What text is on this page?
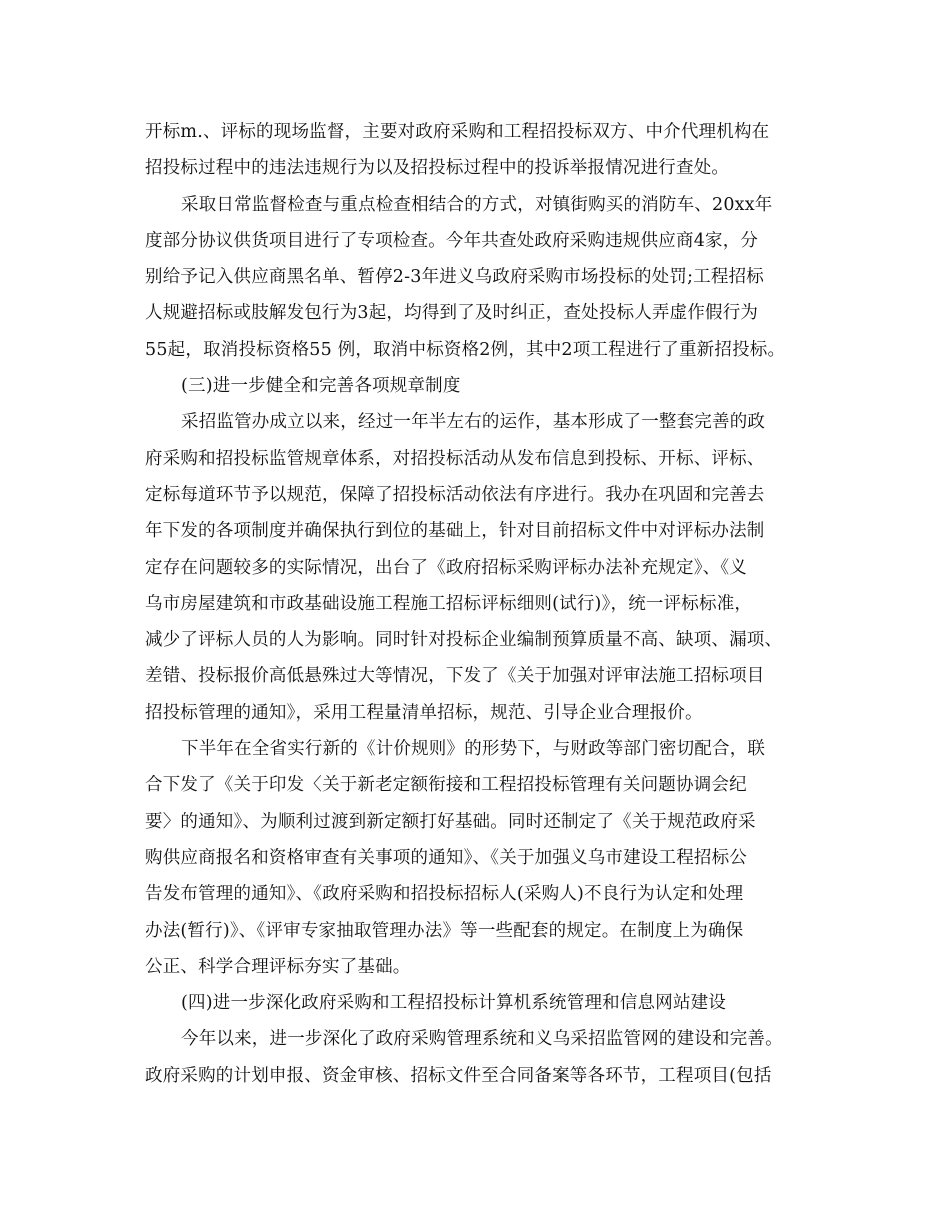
开标m.、评标的现场监督，主要对政府采购和工程招投标双方、中介代理机构在
招投标过程中的违法违规行为以及招投标过程中的投诉举报情况进行查处。
采取日常监督检查与重点检查相结合的方式，对镇街购买的消防车、20xx年
度部分协议供货项目进行了专项检查。今年共查处政府采购违规供应商4家，分
别给予记入供应商黑名单、暂停2-3年进义乌政府采购市场投标的处罚;工程招标
人规避招标或肢解发包行为3起，均得到了及时纠正，查处投标人弄虚作假行为
55起，取消投标资格55 例，取消中标资格2例，其中2项工程进行了重新招投标。
(三)进一步健全和完善各项规章制度
采招监管办成立以来，经过一年半左右的运作，基本形成了一整套完善的政
府采购和招投标监管规章体系，对招投标活动从发布信息到投标、开标、评标、
定标每道环节予以规范，保障了招投标活动依法有序进行。我办在巩固和完善去
年下发的各项制度并确保执行到位的基础上，针对目前招标文件中对评标办法制
定存在问题较多的实际情况，出台了《政府招标采购评标办法补充规定》、《义
乌市房屋建筑和市政基础设施工程施工招标评标细则(试行)》，统一评标标准，
减少了评标人员的人为影响。同时针对投标企业编制预算质量不高、缺项、漏项、
差错、投标报价高低悬殊过大等情况，下发了《关于加强对评审法施工招标项目
招投标管理的通知》，采用工程量清单招标，规范、引导企业合理报价。
下半年在全省实行新的《计价规则》的形势下，与财政等部门密切配合，联
合下发了《关于印发〈关于新老定额衔接和工程招投标管理有关问题协调会纪
要〉的通知》、为顺利过渡到新定额打好基础。同时还制定了《关于规范政府采
购供应商报名和资格审查有关事项的通知》、《关于加强义乌市建设工程招标公
告发布管理的通知》、《政府采购和招投标招标人(采购人)不良行为认定和处理
办法(暂行)》、《评审专家抽取管理办法》等一些配套的规定。在制度上为确保
公正、科学合理评标夯实了基础。
(四)进一步深化政府采购和工程招投标计算机系统管理和信息网站建设
今年以来，进一步深化了政府采购管理系统和义乌采招监管网的建设和完善。
政府采购的计划申报、资金审核、招标文件至合同备案等各环节，工程项目(包括
